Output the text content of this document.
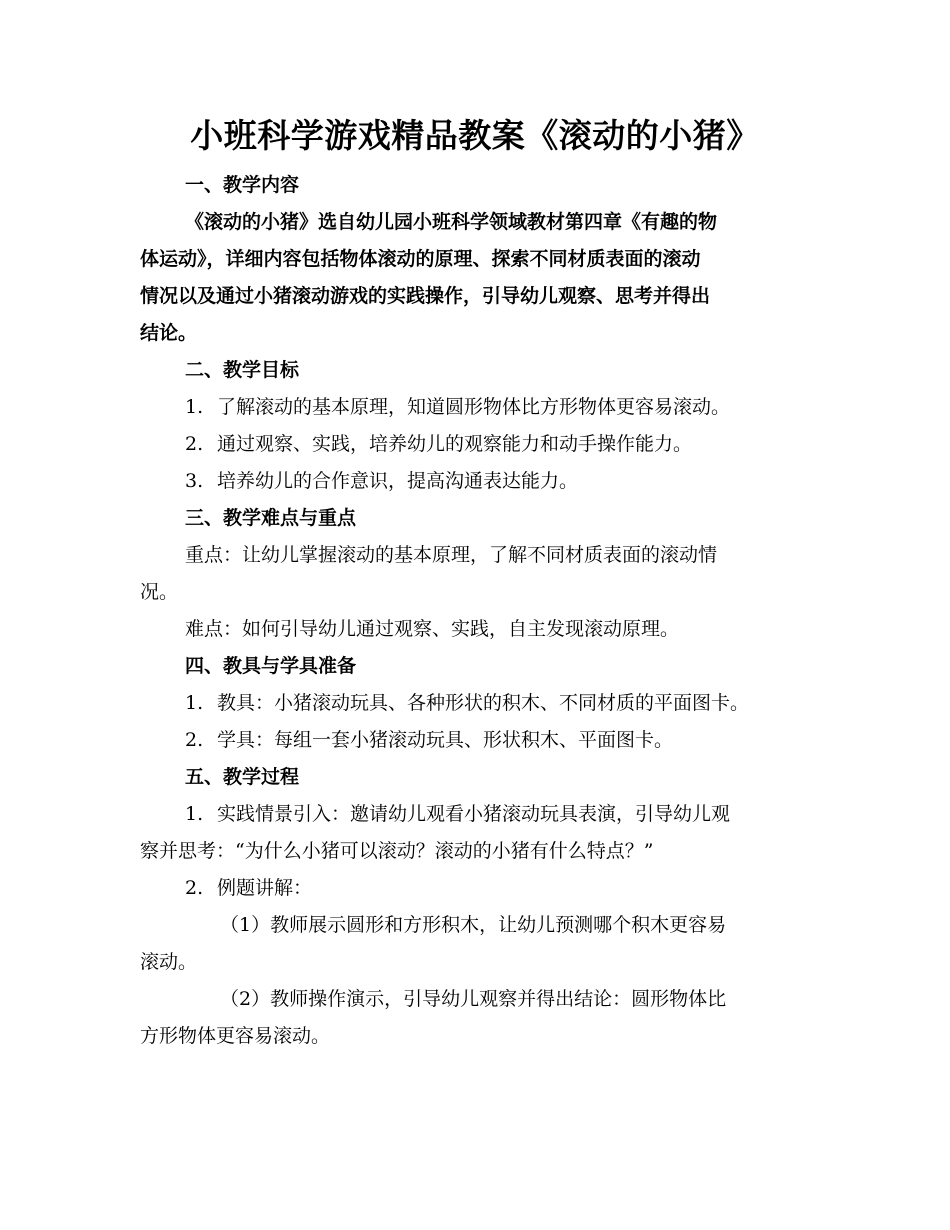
小班科学游戏精品教案《滚动的小猪》
一、教学内容
《滚动的小猪》选自幼儿园小班科学领域教材第四章《有趣的物
体运动》，详细内容包括物体滚动的原理、探索不同材质表面的滚动
情况以及通过小猪滚动游戏的实践操作，引导幼儿观察、思考并得出
结论。
二、教学目标
1. 了解滚动的基本原理，知道圆形物体比方形物体更容易滚动。
2. 通过观察、实践，培养幼儿的观察能力和动手操作能力。
3. 培养幼儿的合作意识，提高沟通表达能力。
三、教学难点与重点
重点：让幼儿掌握滚动的基本原理，了解不同材质表面的滚动情
况。
难点：如何引导幼儿通过观察、实践，自主发现滚动原理。
四、教具与学具准备
1. 教具：小猪滚动玩具、各种形状的积木、不同材质的平面图卡。
2. 学具：每组一套小猪滚动玩具、形状积木、平面图卡。
五、教学过程
1. 实践情景引入：邀请幼儿观看小猪滚动玩具表演，引导幼儿观
察并思考：“为什么小猪可以滚动？滚动的小猪有什么特点？”
2. 例题讲解：
（1）教师展示圆形和方形积木，让幼儿预测哪个积木更容易
滚动。
（2）教师操作演示，引导幼儿观察并得出结论：圆形物体比
方形物体更容易滚动。
